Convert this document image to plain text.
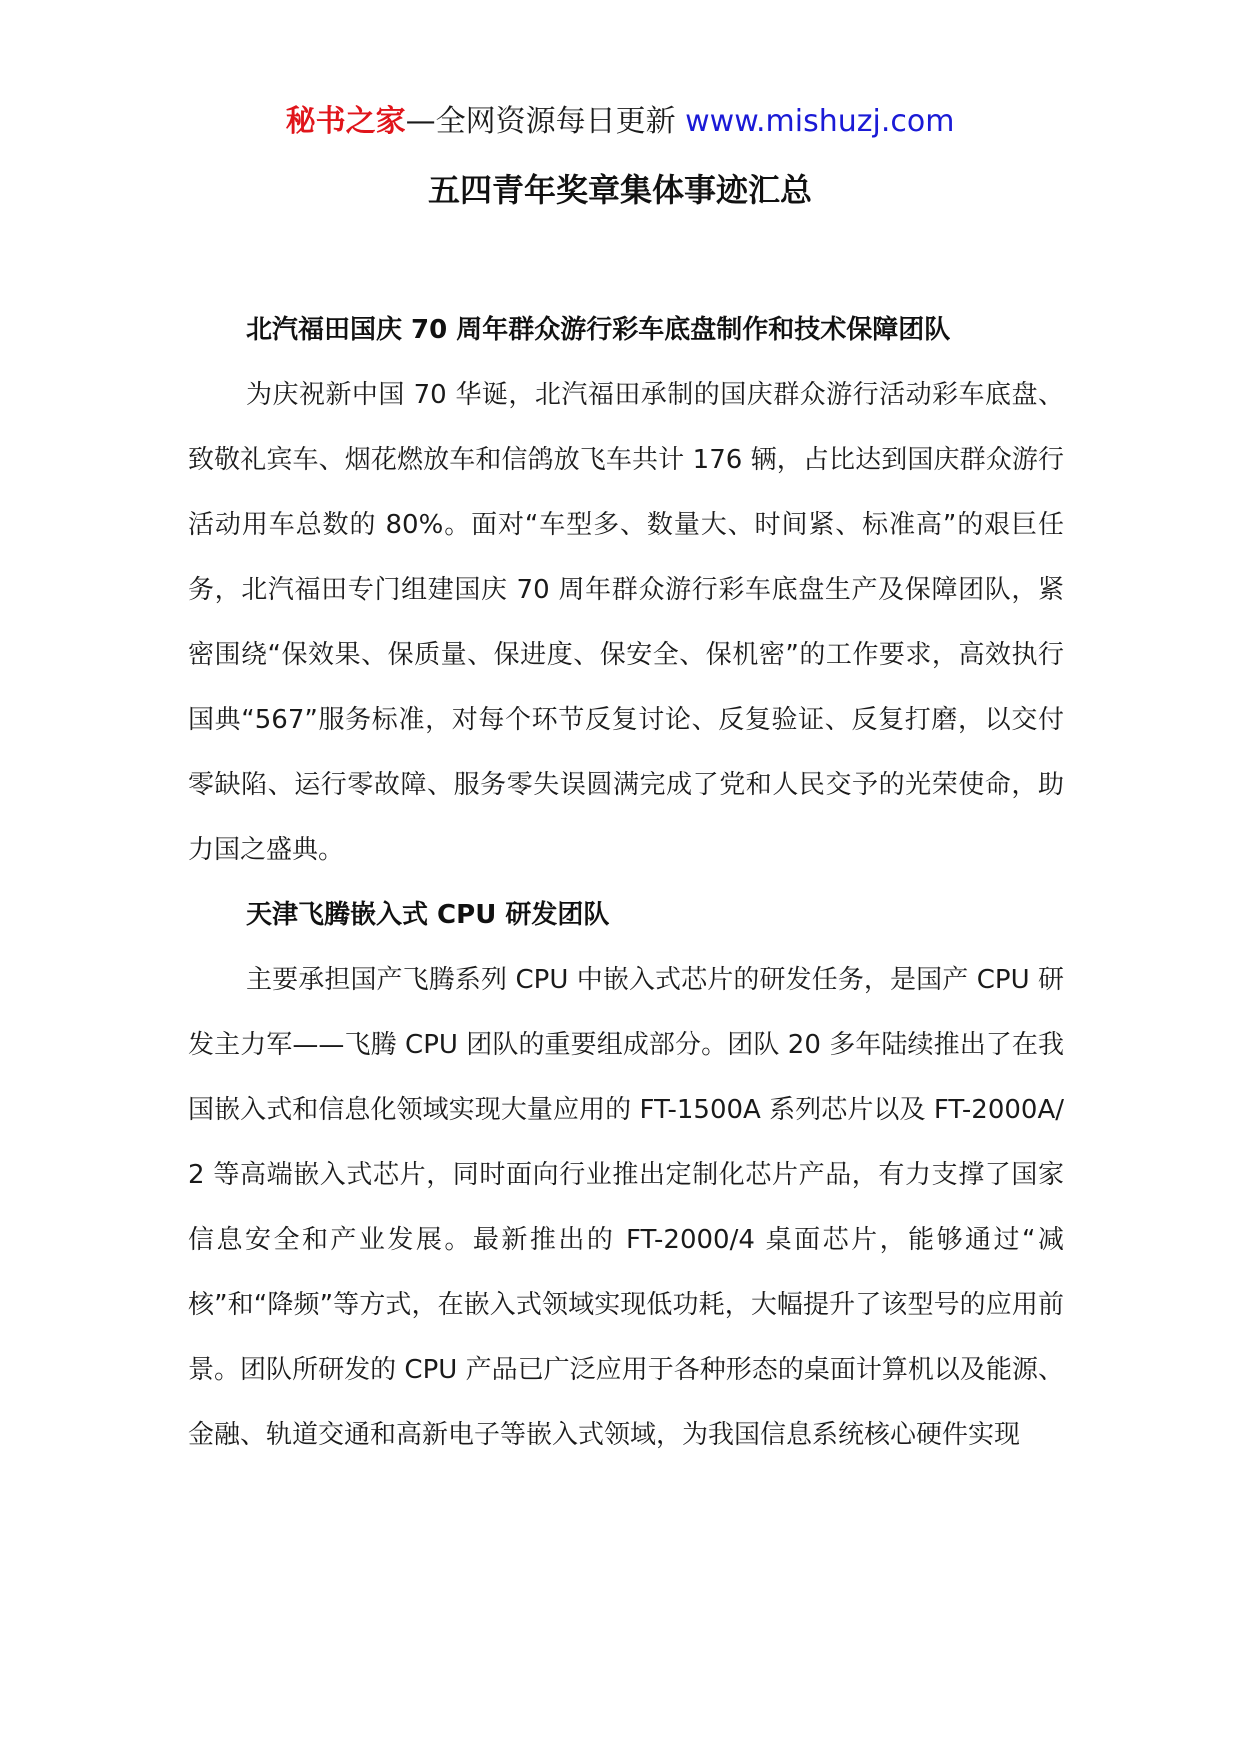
秘书之家—全网资源每日更新 www.mishuzj.com
五四青年奖章集体事迹汇总

北汽福田国庆 70 周年群众游行彩车底盘制作和技术保障团队

为庆祝新中国 70 华诞，北汽福田承制的国庆群众游行活动彩车底盘、致敬礼宾车、烟花燃放车和信鸽放飞车共计 176 辆，占比达到国庆群众游行活动用车总数的 80%。面对“车型多、数量大、时间紧、标准高”的艰巨任务，北汽福田专门组建国庆 70 周年群众游行彩车底盘生产及保障团队，紧密围绕“保效果、保质量、保进度、保安全、保机密”的工作要求，高效执行国典“567”服务标准，对每个环节反复讨论、反复验证、反复打磨，以交付零缺陷、运行零故障、服务零失误圆满完成了党和人民交予的光荣使命，助力国之盛典。

天津飞腾嵌入式 CPU 研发团队

主要承担国产飞腾系列 CPU 中嵌入式芯片的研发任务，是国产 CPU 研发主力军——飞腾 CPU 团队的重要组成部分。团队 20 多年陆续推出了在我国嵌入式和信息化领域实现大量应用的 FT-1500A 系列芯片以及 FT-2000A/2 等高端嵌入式芯片，同时面向行业推出定制化芯片产品，有力支撑了国家信息安全和产业发展。最新推出的 FT-2000/4 桌面芯片，能够通过“减核”和“降频”等方式，在嵌入式领域实现低功耗，大幅提升了该型号的应用前景。团队所研发的 CPU 产品已广泛应用于各种形态的桌面计算机以及能源、金融、轨道交通和高新电子等嵌入式领域，为我国信息系统核心硬件实现
